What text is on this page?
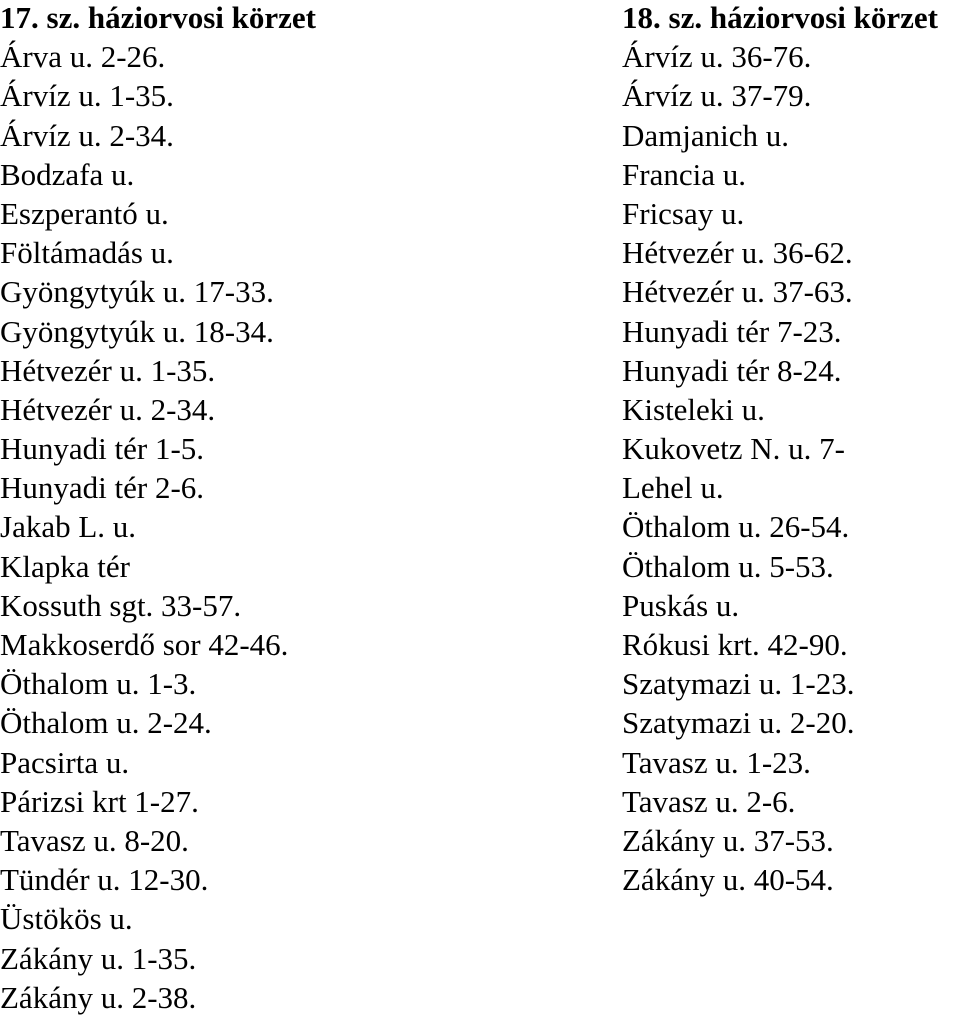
17. sz. háziorvosi körzet
Árva u. 2-26.
Árvíz u. 1-35.
Árvíz u. 2-34.
Bodzafa u.
Eszperantó u.
Föltámadás u.
Gyöngytyúk u. 17-33.
Gyöngytyúk u. 18-34.
Hétvezér u. 1-35.
Hétvezér u. 2-34.
Hunyadi tér 1-5.
Hunyadi tér 2-6.
Jakab L. u.
Klapka tér
Kossuth sgt. 33-57.
Makkoserdő sor 42-46.
Öthalom u. 1-3.
Öthalom u. 2-24.
Pacsirta u.
Párizsi krt 1-27.
Tavasz u. 8-20.
Tündér u. 12-30.
Üstökös u.
Zákány u. 1-35.
Zákány u. 2-38.
18. sz. háziorvosi körzet
Árvíz u. 36-76.
Árvíz u. 37-79.
Damjanich u.
Francia u.
Fricsay u.
Hétvezér u. 36-62.
Hétvezér u. 37-63.
Hunyadi tér 7-23.
Hunyadi tér 8-24.
Kisteleki u.
Kukovetz N. u. 7-
Lehel u.
Öthalom u. 26-54.
Öthalom u. 5-53.
Puskás u.
Rókusi krt. 42-90.
Szatymazi u. 1-23.
Szatymazi u. 2-20.
Tavasz u. 1-23.
Tavasz u. 2-6.
Zákány u. 37-53.
Zákány u. 40-54.
